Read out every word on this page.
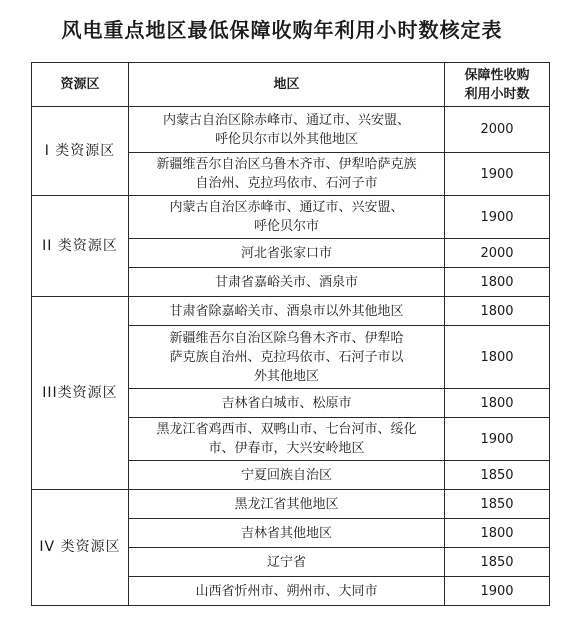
风电重点地区最低保障收购年利用小时数核定表
资源区	地区	保障性收购
利用小时数
I 类资源区	内蒙古自治区除赤峰市、通辽市、兴安盟、
呼伦贝尔市以外其他地区	2000
	新疆维吾尔自治区乌鲁木齐市、伊犁哈萨克族
自治州、克拉玛依市、石河子市	1900
II 类资源区	内蒙古自治区赤峰市、通辽市、兴安盟、
呼伦贝尔市	1900
	河北省张家口市	2000
	甘肃省嘉峪关市、酒泉市	1800
III类资源区	甘肃省除嘉峪关市、酒泉市以外其他地区	1800
	新疆维吾尔自治区除乌鲁木齐市、伊犁哈
萨克族自治州、克拉玛依市、石河子市以
外其他地区	1800
	吉林省白城市、松原市	1800
	黑龙江省鸡西市、双鸭山市、七台河市、绥化
市、伊春市，大兴安岭地区	1900
	宁夏回族自治区	1850
IV 类资源区	黑龙江省其他地区	1850
	吉林省其他地区	1800
	辽宁省	1850
	山西省忻州市、朔州市、大同市	1900
